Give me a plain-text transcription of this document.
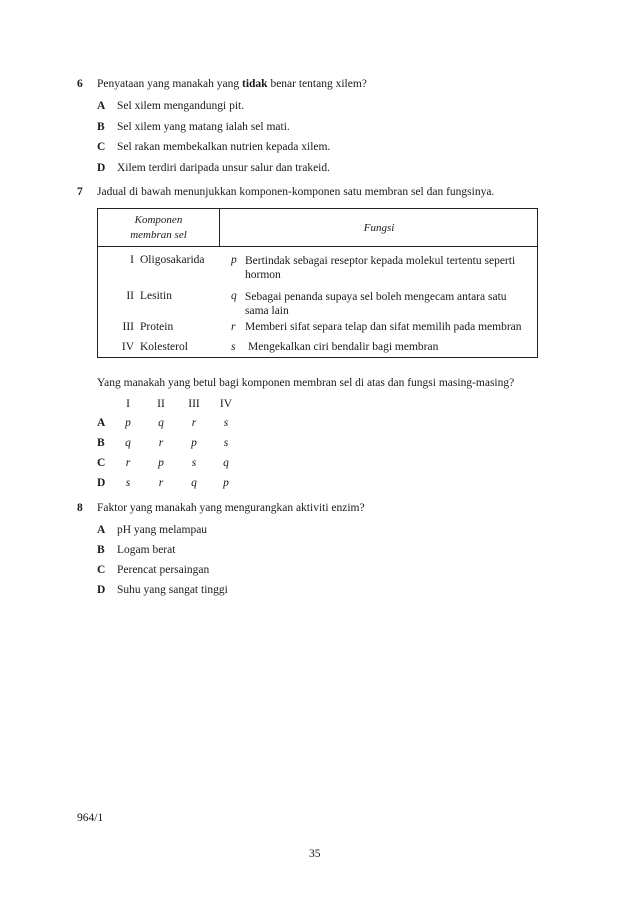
6 Penyataan yang manakah yang tidak benar tentang xilem?
A Sel xilem mengandungi pit.
B Sel xilem yang matang ialah sel mati.
C Sel rakan membekalkan nutrien kepada xilem.
D Xilem terdiri daripada unsur salur dan trakeid.
7 Jadual di bawah menunjukkan komponen-komponen satu membran sel dan fungsinya.
Komponen
membran sel
Fungsi
I Oligosakarida p Bertindak sebagai reseptor kepada molekul tertentu seperti hormon
II Lesitin	q Sebagai penanda supaya sel boleh mengecam antara satu sama lain
III Protein	r Memberi sifat separa telap dan sifat memilih pada membran
IV Kolesterol	s Mengekalkan ciri bendalir bagi membran
Yang manakah yang betul bagi komponen membran sel di atas dan fungsi masing-masing?
I	II	III	IV
A	p	q	r	s
B	q	r	p	s
C	r	p	s	q
D	s	r	q	p
8 Faktor yang manakah yang mengurangkan aktiviti enzim?
A pH yang melampau
B Logam berat
C Perencat persaingan
D Suhu yang sangat tinggi
964/1
35
